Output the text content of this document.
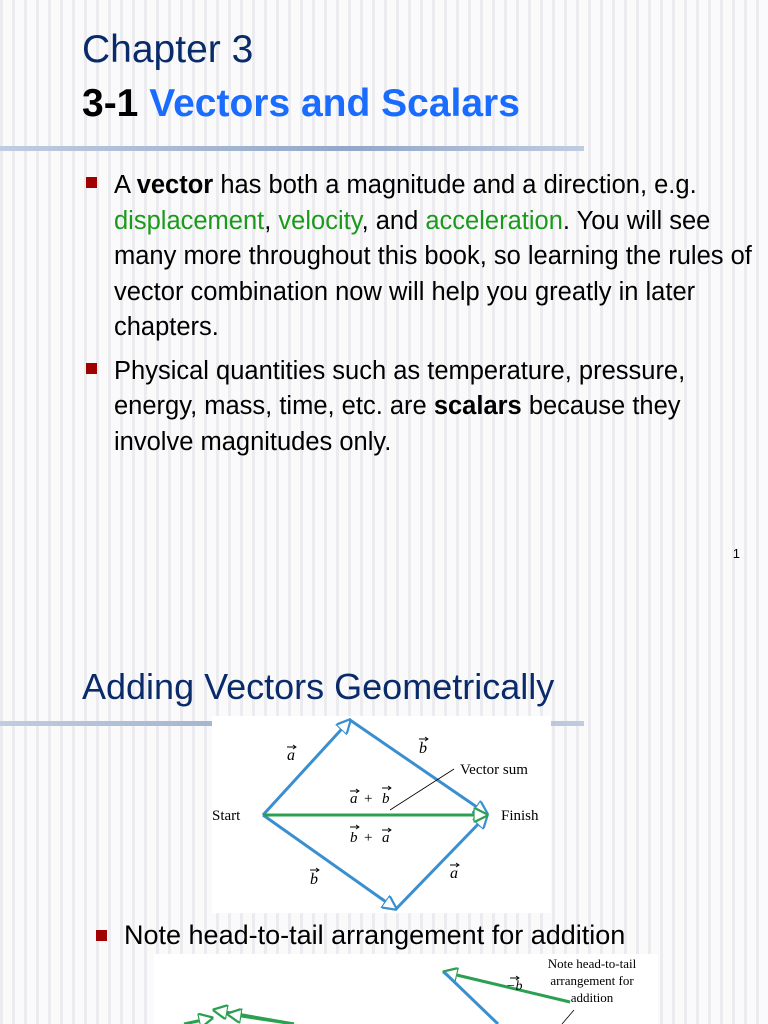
Chapter 3
3-1 Vectors and Scalars
A vector has both a magnitude and a direction, e.g. displacement, velocity, and acceleration. You will see many more throughout this book, so learning the rules of vector combination now will help you greatly in later chapters.
Physical quantities such as temperature, pressure, energy, mass, time, etc. are scalars because they involve magnitudes only.
1
Adding Vectors Geometrically
Start	Finish
Vector sum
a	b
b	a
a + b
b + a
Note head-to-tail arrangement for addition
−b
Note head-to-tail
arrangement for
addition
